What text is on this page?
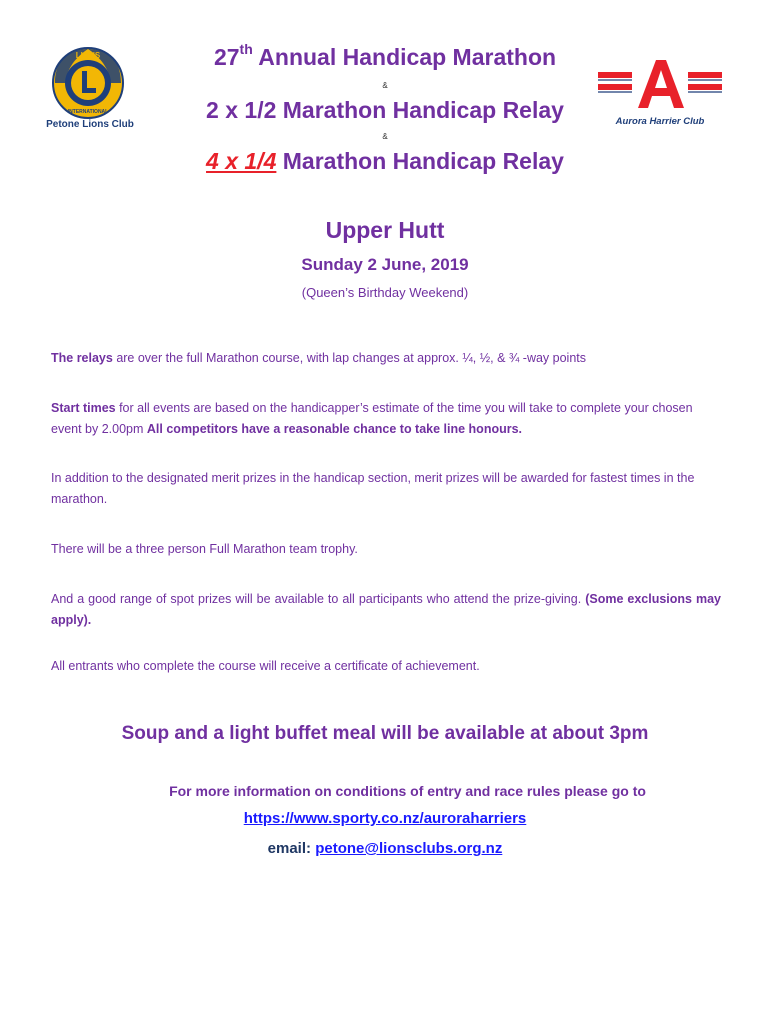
LIONS
INTERNATIONAL
Petone Lions Club	Aurora Harrier Club
27th Annual Handicap Marathon
&
2 x 1/2 Marathon Handicap Relay
&
4 x 1/4 Marathon Handicap Relay
Upper Hutt
Sunday 2 June, 2019
(Queen’s Birthday Weekend)
The relays are over the full Marathon course, with lap changes at approx. ¼, ½, & ¾ -way points
Start times for all events are based on the handicapper’s estimate of the time you will take to complete your chosen event by 2.00pm All competitors have a reasonable chance to take line honours.
In addition to the designated merit prizes in the handicap section, merit prizes will be awarded for fastest times in the marathon.
There will be a three person Full Marathon team trophy.
And a good range of spot prizes will be available to all participants who attend the prize-giving. (Some exclusions may apply).
All entrants who complete the course will receive a certificate of achievement.
Soup and a light buffet meal will be available at about 3pm
For more information on conditions of entry and race rules please go to
https://www.sporty.co.nz/auroraharriers
email: petone@lionsclubs.org.nz
